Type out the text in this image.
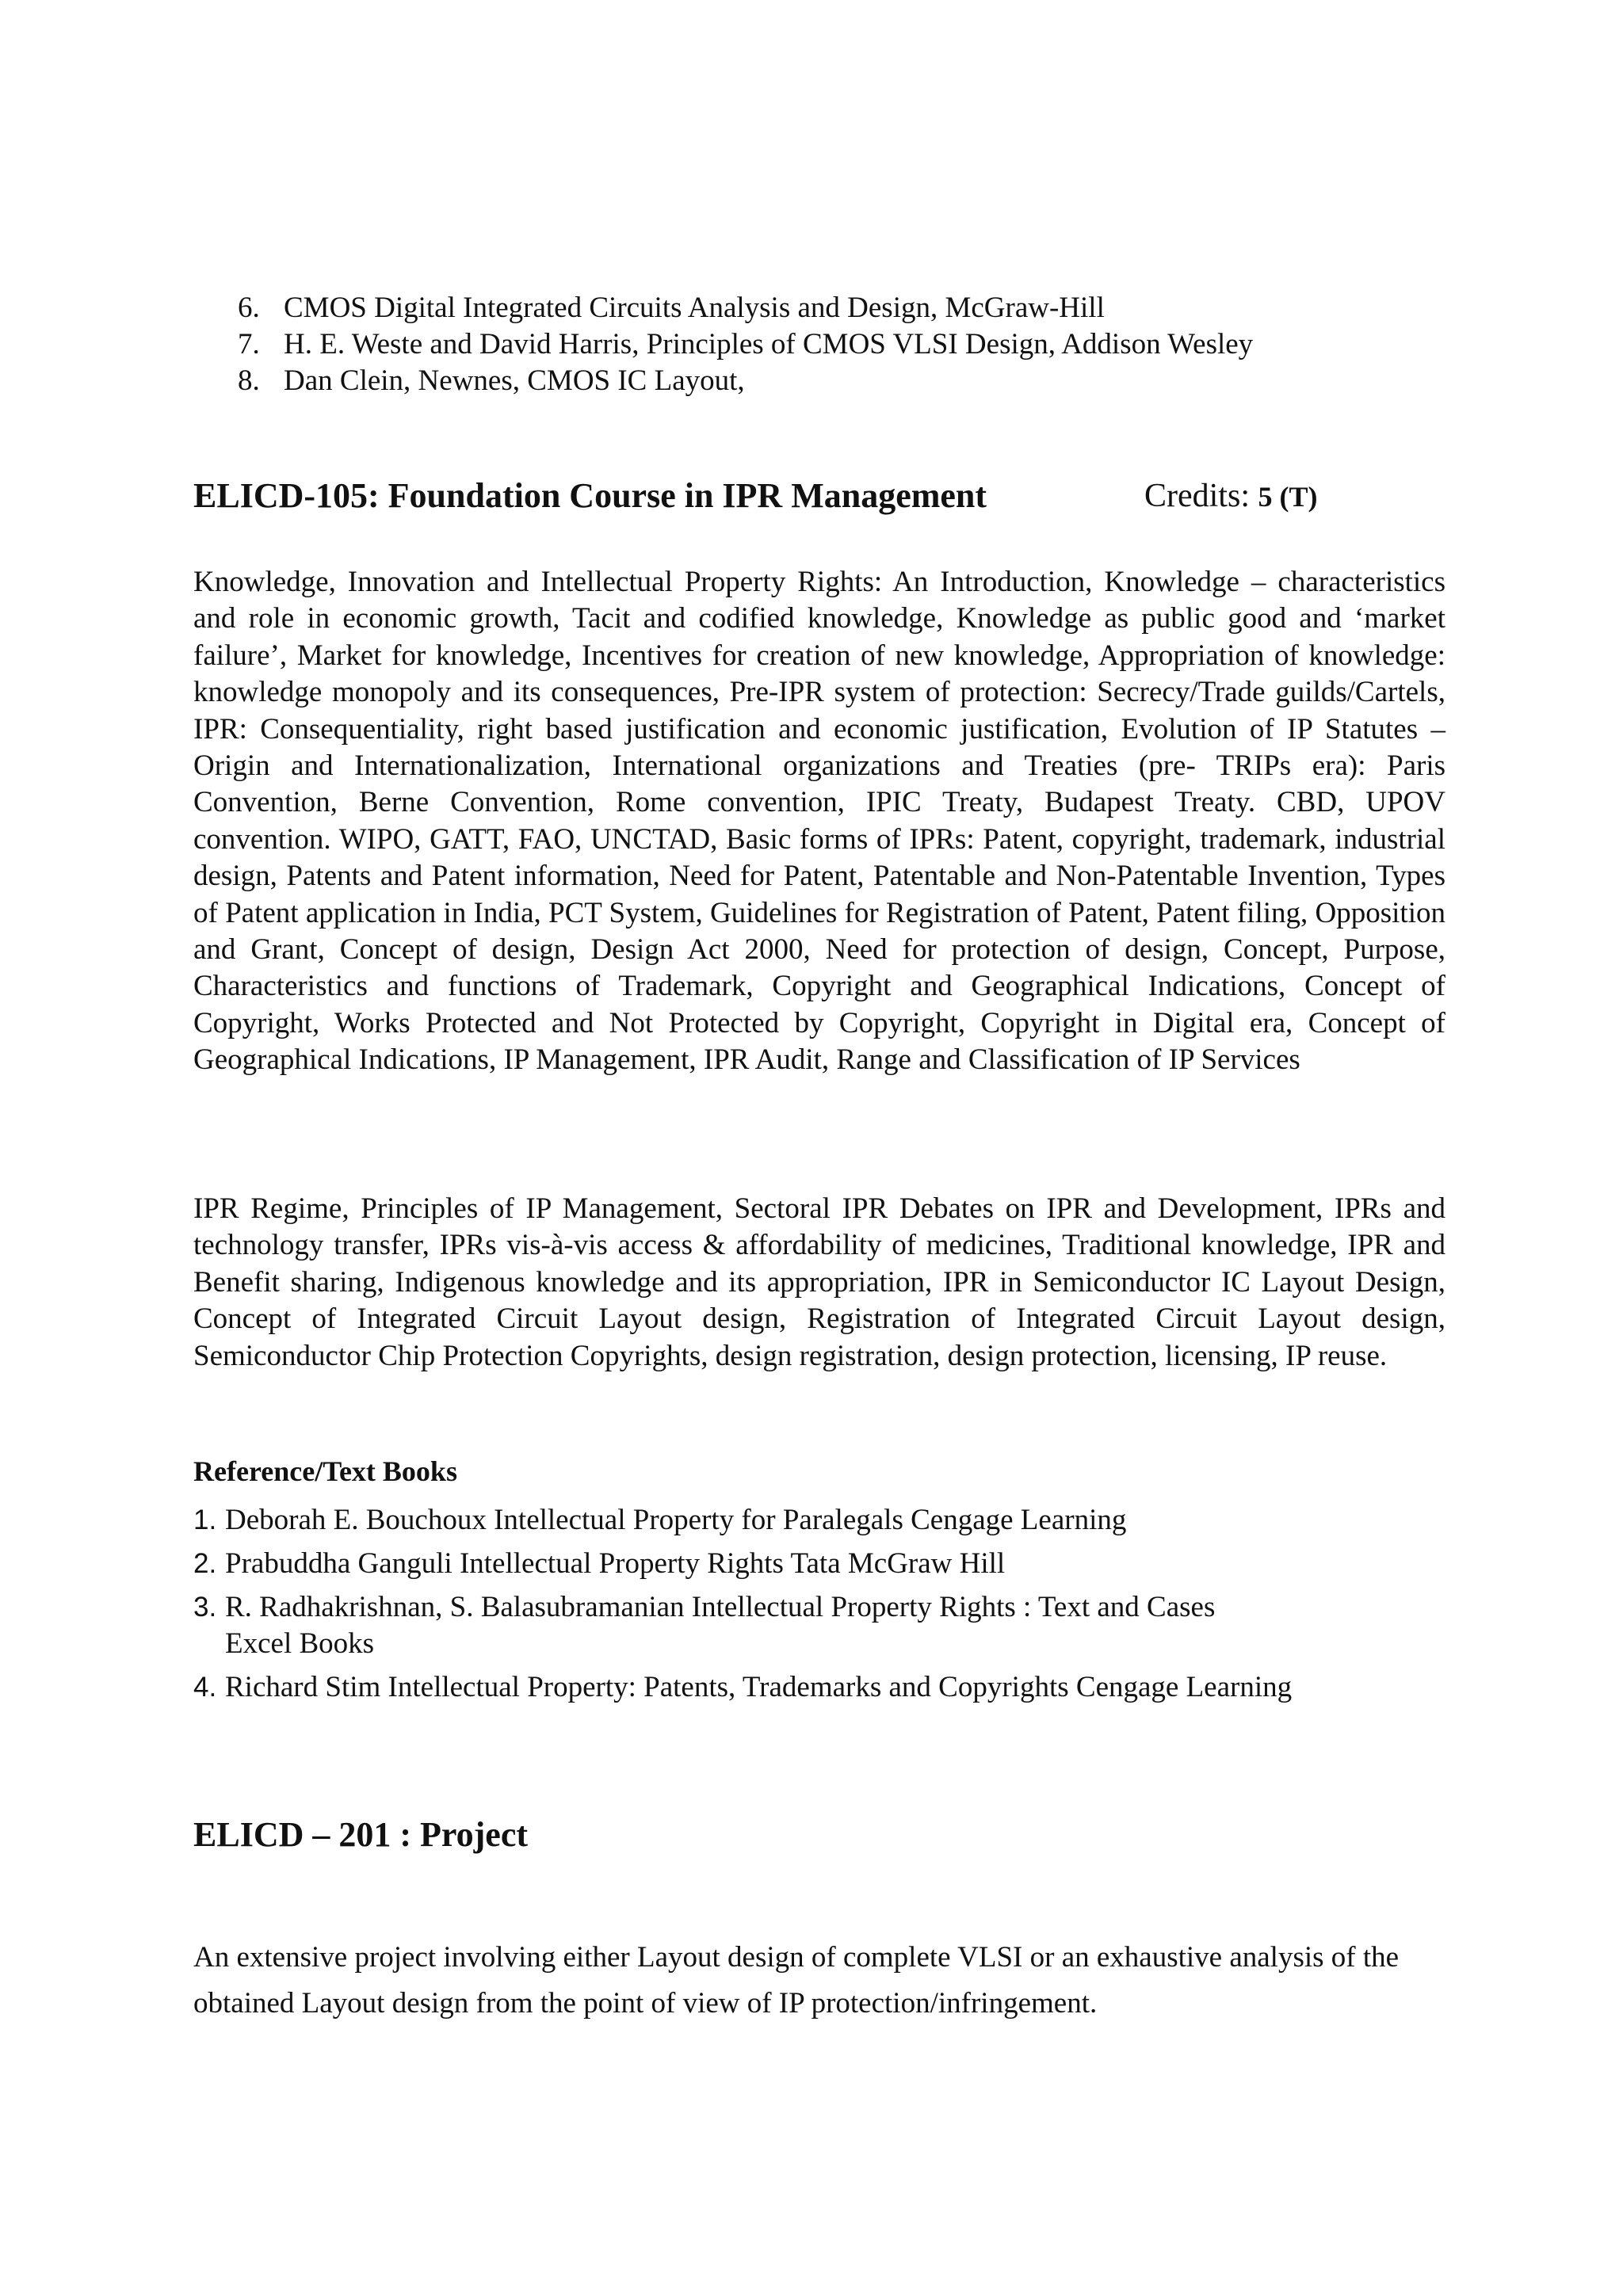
6. CMOS Digital Integrated Circuits Analysis and Design, McGraw-Hill
7. H. E. Weste and David Harris, Principles of CMOS VLSI Design, Addison Wesley
8. Dan Clein, Newnes, CMOS IC Layout,
ELICD-105: Foundation Course in IPR Management	Credits: 5 (T)

Knowledge, Innovation and Intellectual Property Rights: An Introduction, Knowledge – characteristics and role in economic growth, Tacit and codified knowledge, Knowledge as public good and ‘market failure’, Market for knowledge, Incentives for creation of new knowledge, Appropriation of knowledge: knowledge monopoly and its consequences, Pre-IPR system of protection: Secrecy/Trade guilds/Cartels, IPR: Consequentiality, right based justification and economic justification, Evolution of IP Statutes – Origin and Internationalization, International organizations and Treaties (pre- TRIPs era): Paris Convention, Berne Convention, Rome convention, IPIC Treaty, Budapest Treaty. CBD, UPOV convention. WIPO, GATT, FAO, UNCTAD, Basic forms of IPRs: Patent, copyright, trademark, industrial design, Patents and Patent information, Need for Patent, Patentable and Non-Patentable Invention, Types of Patent application in India, PCT System, Guidelines for Registration of Patent, Patent filing, Opposition and Grant, Concept of design, Design Act 2000, Need for protection of design, Concept, Purpose, Characteristics and functions of Trademark, Copyright and Geographical Indications, Concept of Copyright, Works Protected and Not Protected by Copyright, Copyright in Digital era, Concept of Geographical Indications, IP Management, IPR Audit, Range and Classification of IP Services

IPR Regime, Principles of IP Management, Sectoral IPR Debates on IPR and Development, IPRs and technology transfer, IPRs vis-à-vis access & affordability of medicines, Traditional knowledge, IPR and Benefit sharing, Indigenous knowledge and its appropriation, IPR in Semiconductor IC Layout Design, Concept of Integrated Circuit Layout design, Registration of Integrated Circuit Layout design, Semiconductor Chip Protection Copyrights, design registration, design protection, licensing, IP reuse.

Reference/Text Books
1. Deborah E. Bouchoux Intellectual Property for Paralegals Cengage Learning
2. Prabuddha Ganguli Intellectual Property Rights Tata McGraw Hill
3. R. Radhakrishnan, S. Balasubramanian Intellectual Property Rights : Text and Cases Excel Books
4. Richard Stim Intellectual Property: Patents, Trademarks and Copyrights Cengage Learning
ELICD – 201 : Project

An extensive project involving either Layout design of complete VLSI or an exhaustive analysis of the obtained Layout design from the point of view of IP protection/infringement.
